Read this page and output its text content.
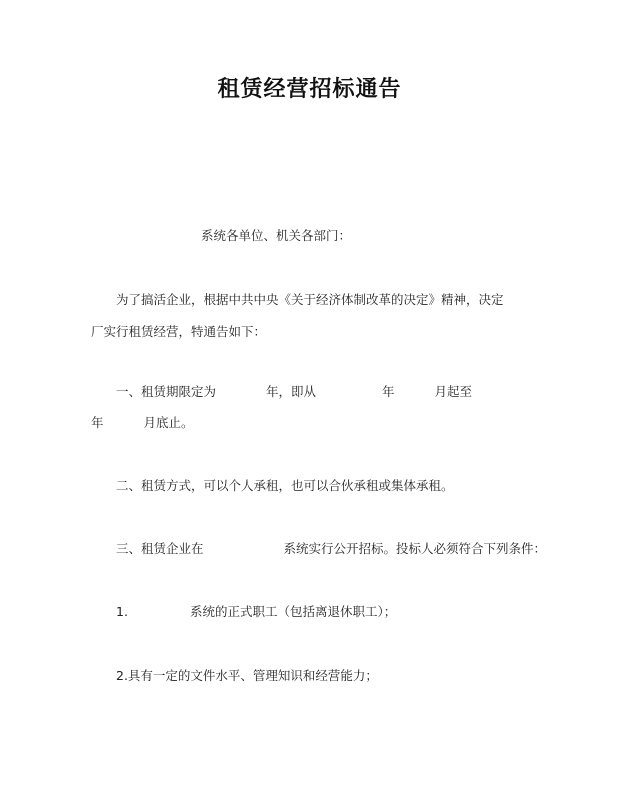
租赁经营招标通告
系统各单位、机关各部门：
为了搞活企业，根据中共中央《关于经济体制改革的决定》精神，决定
厂实行租赁经营，特通告如下：
一、租赁期限定为	年，即从	年	月起至
年	月底止。
二、租赁方式，可以个人承租，也可以合伙承租或集体承租。
三、租赁企业在	系统实行公开招标。投标人必须符合下列条件：
1.	系统的正式职工（包括离退休职工）；
2.具有一定的文件水平、管理知识和经营能力；
